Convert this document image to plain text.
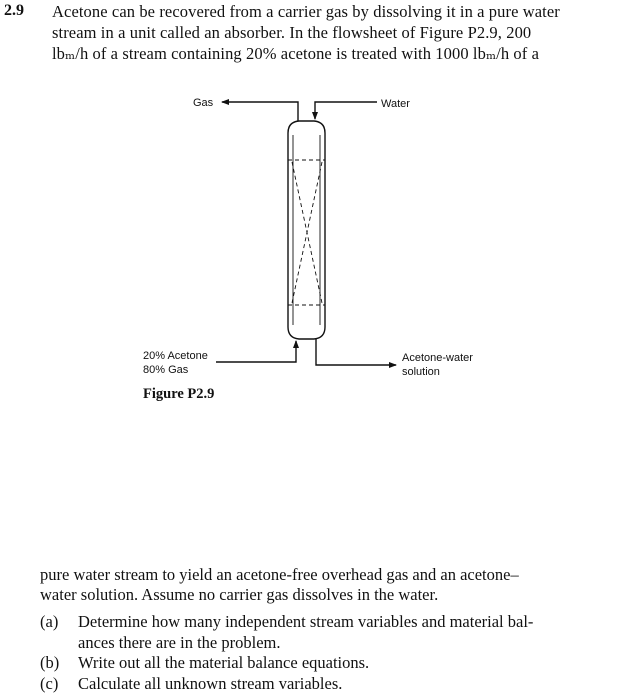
2.9 Acetone can be recovered from a carrier gas by dissolving it in a pure water
stream in a unit called an absorber. In the flowsheet of Figure P2.9, 200
lbₘ/h of a stream containing 20% acetone is treated with 1000 lbₘ/h of a
Gas	Water
20% Acetone
80% Gas
Acetone-water
solution
Figure P2.9
pure water stream to yield an acetone-free overhead gas and an acetone–
water solution. Assume no carrier gas dissolves in the water.
(a) Determine how many independent stream variables and material bal-
ances there are in the problem.
(b) Write out all the material balance equations.
(c) Calculate all unknown stream variables.
